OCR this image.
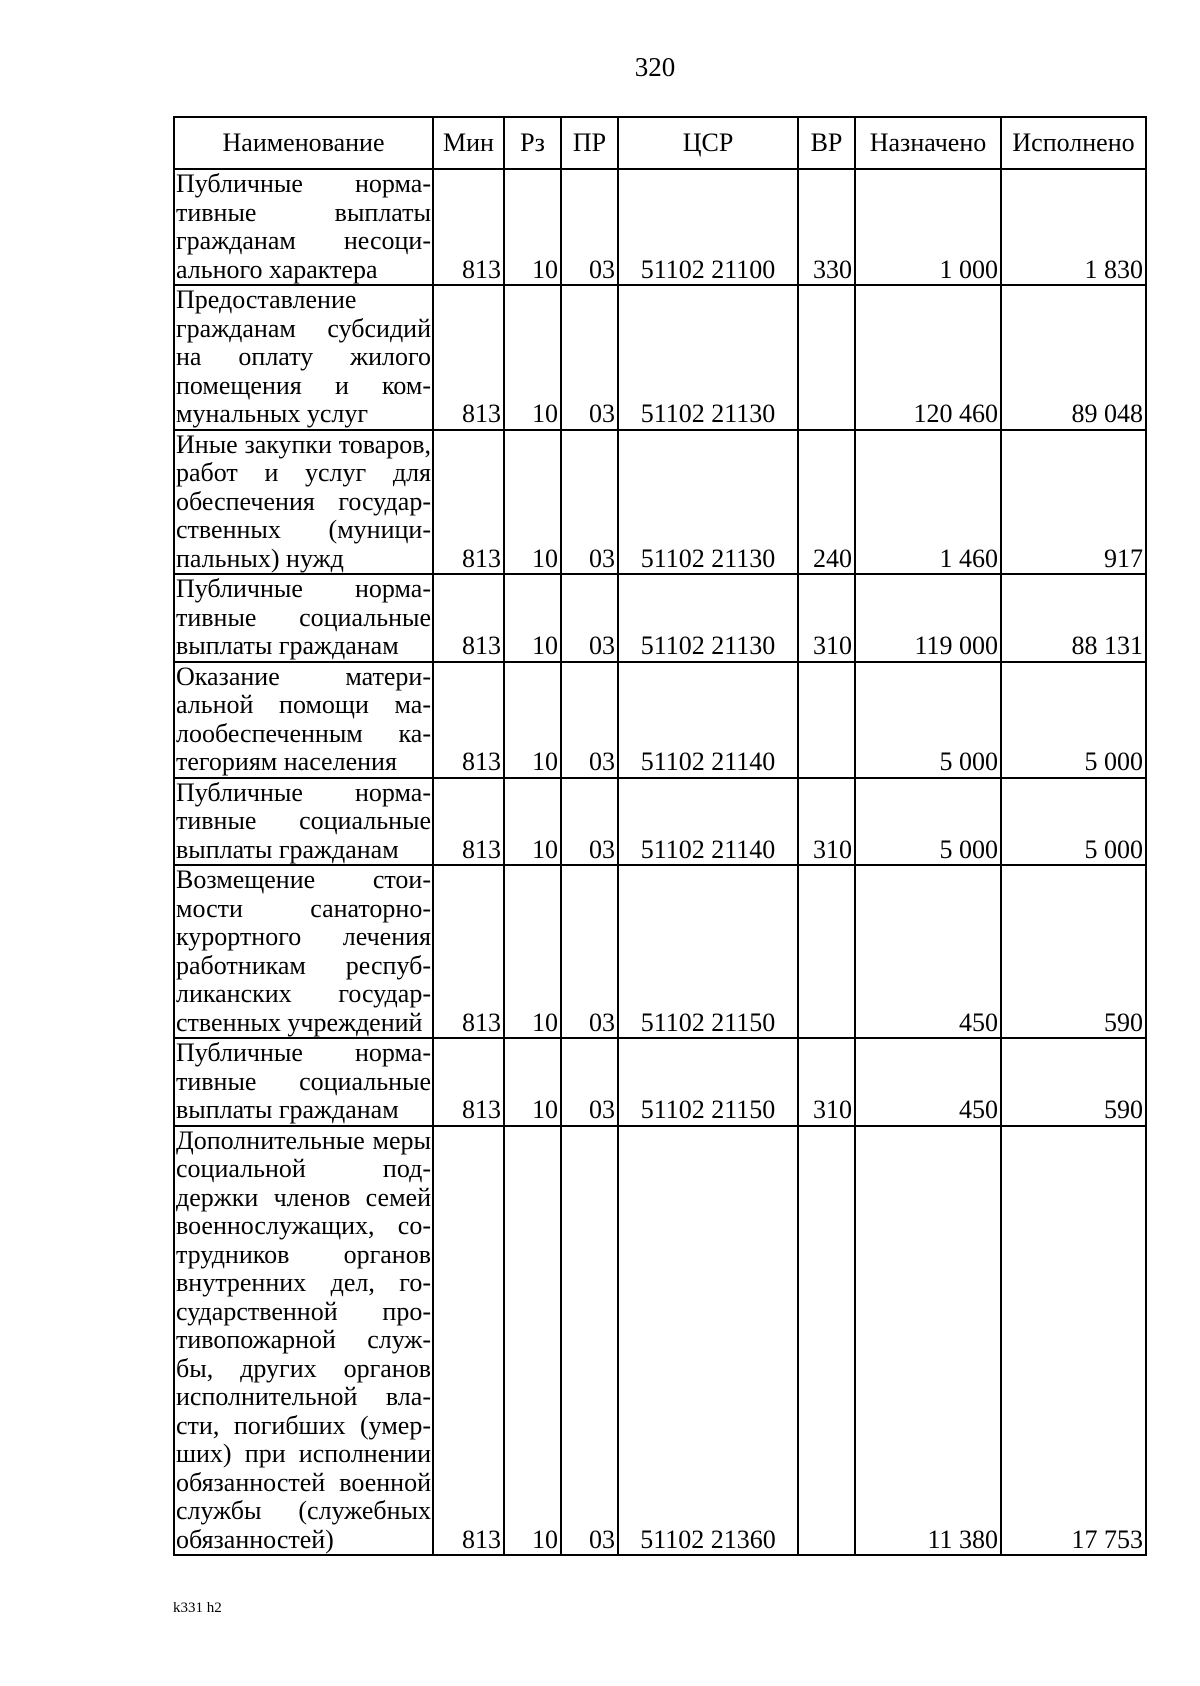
320
Наименование	Мин	Рз	ПР	ЦСР	ВР	Назначено	Исполнено
Публичные нормативные выплаты гражданам несоциального характера	813	10	03	51102 21100	330	1 000	1 830
Предоставление гражданам субсидий на оплату жилого помещения и коммунальных услуг	813	10	03	51102 21130		120 460	89 048
Иные закупки товаров, работ и услуг для обеспечения государственных (муниципальных) нужд	813	10	03	51102 21130	240	1 460	917
Публичные нормативные социальные выплаты гражданам	813	10	03	51102 21130	310	119 000	88 131
Оказание материальной помощи малообеспеченным категориям населения	813	10	03	51102 21140		5 000	5 000
Публичные нормативные социальные выплаты гражданам	813	10	03	51102 21140	310	5 000	5 000
Возмещение стоимости санаторно-курортного лечения работникам республиканских государственных учреждений	813	10	03	51102 21150		450	590
Публичные нормативные социальные выплаты гражданам	813	10	03	51102 21150	310	450	590
Дополнительные меры социальной поддержки членов семей военнослужащих, сотрудников органов внутренних дел, государственной противопожарной службы, других органов исполнительной власти, погибших (умерших) при исполнении обязанностей военной службы (служебных обязанностей)	813	10	03	51102 21360		11 380	17 753
k331 h2
